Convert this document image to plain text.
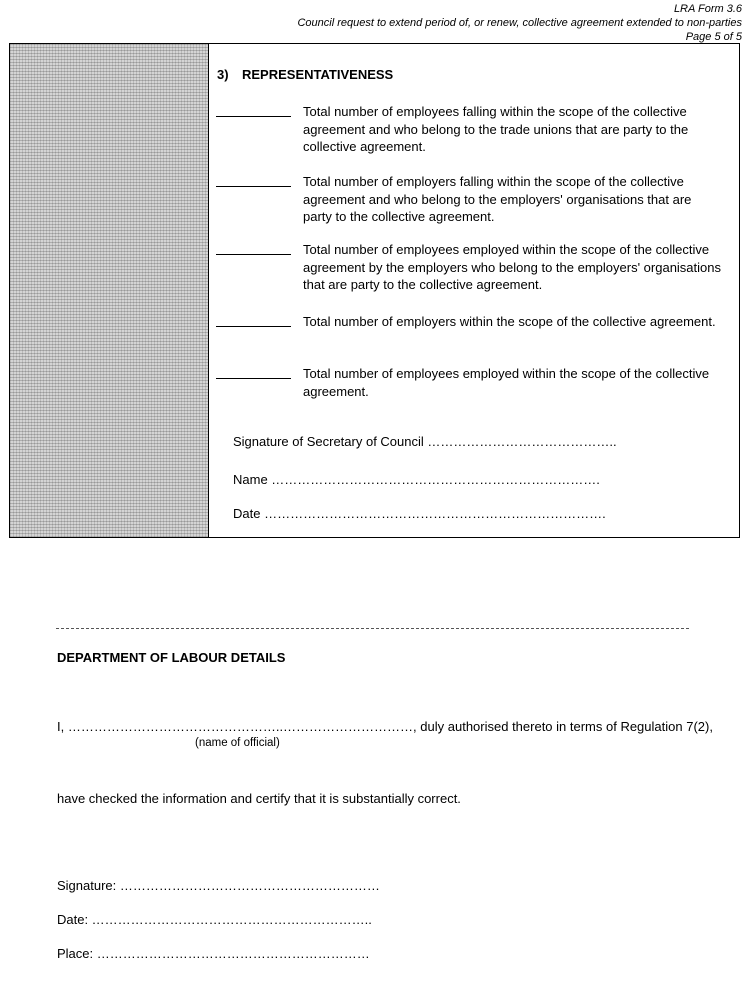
LRA Form 3.6
Council request to extend period of, or renew, collective agreement extended to non-parties
Page 5 of 5
3) REPRESENTATIVENESS
Total number of employees falling within the scope of the collective agreement and who belong to the trade unions that are party to the collective agreement.
Total number of employers falling within the scope of the collective agreement and who belong to the employers' organisations that are party to the collective agreement.
Total number of employees employed within the scope of the collective agreement by the employers who belong to the employers' organisations that are party to the collective agreement.
Total number of employers within the scope of the collective agreement.
Total number of employees employed within the scope of the collective agreement.
Signature of Secretary of Council ……………………………………..
Name ………………………………………………………………….
Date …………………………………………………………………….
DEPARTMENT OF LABOUR DETAILS
I, …………………………………………..…………………………, duly authorised thereto in terms of Regulation 7(2),
(name of official)
have checked the information and certify that it is substantially correct.
Signature: ……………………………………………………
Date: ………………………………………………………..
Place: ………………………………………………………
